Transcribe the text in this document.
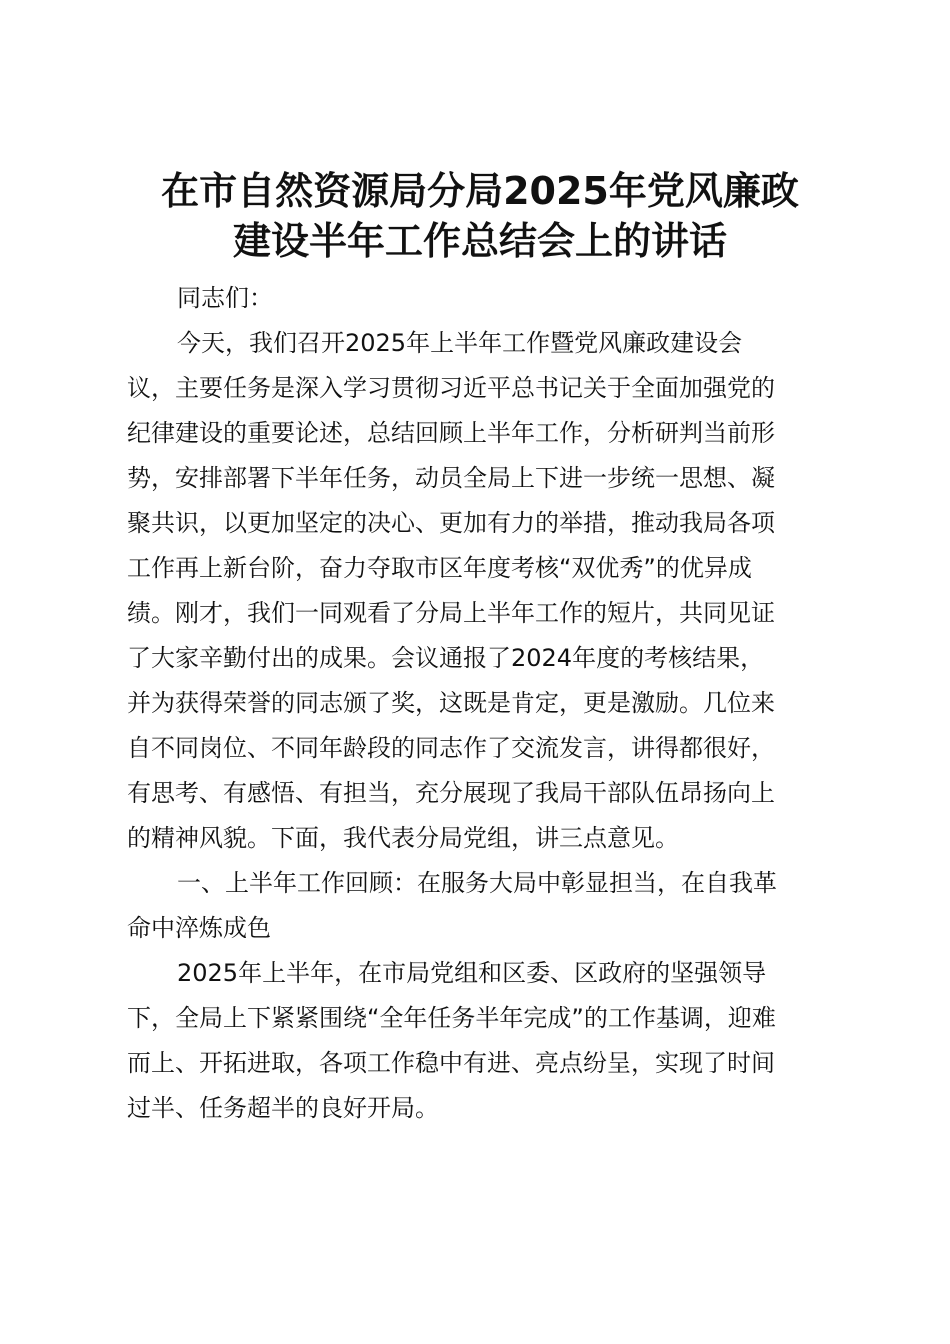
在市自然资源局分局2025年党风廉政
建设半年工作总结会上的讲话

同志们：

今天，我们召开2025年上半年工作暨党风廉政建设会
议，主要任务是深入学习贯彻习近平总书记关于全面加强党的
纪律建设的重要论述，总结回顾上半年工作，分析研判当前形
势，安排部署下半年任务，动员全局上下进一步统一思想、凝
聚共识，以更加坚定的决心、更加有力的举措，推动我局各项
工作再上新台阶，奋力夺取市区年度考核“双优秀”的优异成
绩。刚才，我们一同观看了分局上半年工作的短片，共同见证
了大家辛勤付出的成果。会议通报了2024年度的考核结果，
并为获得荣誉的同志颁了奖，这既是肯定，更是激励。几位来
自不同岗位、不同年龄段的同志作了交流发言，讲得都很好，
有思考、有感悟、有担当，充分展现了我局干部队伍昂扬向上
的精神风貌。下面，我代表分局党组，讲三点意见。

一、上半年工作回顾：在服务大局中彰显担当，在自我革
命中淬炼成色

2025年上半年，在市局党组和区委、区政府的坚强领导
下，全局上下紧紧围绕“全年任务半年完成”的工作基调，迎难
而上、开拓进取，各项工作稳中有进、亮点纷呈，实现了时间
过半、任务超半的良好开局。
